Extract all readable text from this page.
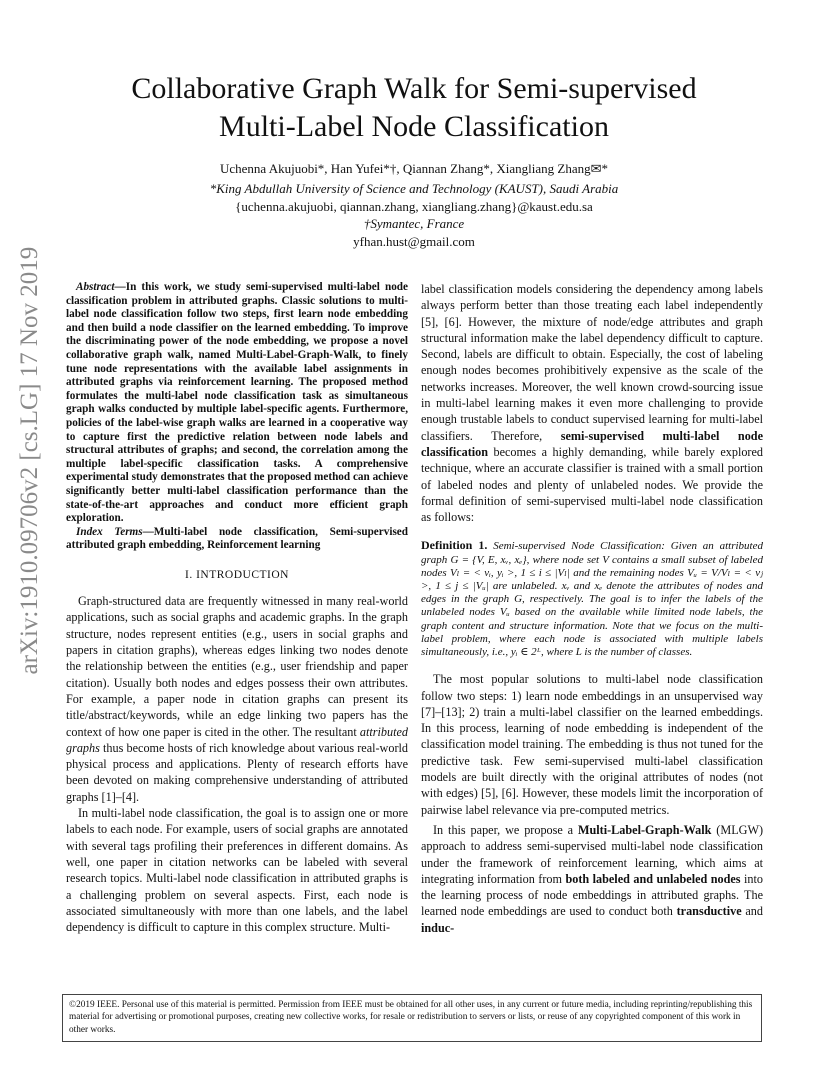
Collaborative Graph Walk for Semi-supervised
Multi-Label Node Classification
Uchenna Akujuobi*, Han Yufei*†, Qiannan Zhang*, Xiangliang Zhang✉*
*King Abdullah University of Science and Technology (KAUST), Saudi Arabia
{uchenna.akujuobi, qiannan.zhang, xiangliang.zhang}@kaust.edu.sa
†Symantec, France
yfhan.hust@gmail.com
arXiv:1910.09706v2 [cs.LG] 17 Nov 2019	Abstract—In this work, we study semi-supervised multi-label node classification problem in attributed graphs. Classic solutions to multi-label node classification follow two steps, first learn node embedding and then build a node classifier on the learned embedding. To improve the discriminating power of the node embedding, we propose a novel collaborative graph walk, named Multi-Label-Graph-Walk, to finely tune node representations with the available label assignments in attributed graphs via reinforcement learning. The proposed method formulates the multi-label node classification task as simultaneous graph walks conducted by multiple label-specific agents. Furthermore, policies of the label-wise graph walks are learned in a cooperative way to capture first the predictive relation between node labels and structural attributes of graphs; and second, the correlation among the multiple label-specific classification tasks. A comprehensive experimental study demonstrates that the proposed method can achieve significantly better multi-label classification performance than the state-of-the-art approaches and conduct more efficient graph exploration.

Index Terms—Multi-label node classification, Semi-supervised attributed graph embedding, Reinforcement learning

I. INTRODUCTION

Graph-structured data are frequently witnessed in many real-world applications, such as social graphs and academic graphs. In the graph structure, nodes represent entities (e.g., users in social graphs and papers in citation graphs), whereas edges linking two nodes denote the relationship between the entities (e.g., user friendship and paper citation). Usually both nodes and edges possess their own attributes. For example, a paper node in citation graphs can present its title/abstract/keywords, while an edge linking two papers has the context of how one paper is cited in the other. The resultant attributed graphs thus become hosts of rich knowledge about various real-world physical process and applications. Plenty of research efforts have been devoted on making comprehensive understanding of attributed graphs [1]–[4].

In multi-label node classification, the goal is to assign one or more labels to each node. For example, users of social graphs are annotated with several tags profiling their preferences in different domains. As well, one paper in citation networks can be labeled with several research topics. Multi-label node classification in attributed graphs is a challenging problem on several aspects. First, each node is associated simultaneously with more than one labels, and the label dependency is difficult to capture in this complex structure. Multi-

label classification models considering the dependency among labels always perform better than those treating each label independently [5], [6]. However, the mixture of node/edge attributes and graph structural information make the label dependency difficult to capture. Second, labels are difficult to obtain. Especially, the cost of labeling enough nodes becomes prohibitively expensive as the scale of the networks increases. Moreover, the well known crowd-sourcing issue in multi-label learning makes it even more challenging to provide enough trustable labels to conduct supervised learning for multi-label classifiers. Therefore, semi-supervised multi-label node classification becomes a highly demanding, while barely explored technique, where an accurate classifier is trained with a small portion of labeled nodes and plenty of unlabeled nodes. We provide the formal definition of semi-supervised multi-label node classification as follows:

Definition 1. Semi-supervised Node Classification: Given an attributed graph G = {V, E, xᵥ, xₑ}, where node set V contains a small subset of labeled nodes Vₗ = < vᵢ, yᵢ >, 1 ≤ i ≤ |Vₗ| and the remaining nodes Vᵤ = V/Vₗ = < vⱼ >, 1 ≤ j ≤ |Vᵤ| are unlabeled. xᵥ and xₑ denote the attributes of nodes and edges in the graph G, respectively. The goal is to infer the labels of the unlabeled nodes Vᵤ based on the available while limited node labels, the graph content and structure information. Note that we focus on the multi-label problem, where each node is associated with multiple labels simultaneously, i.e., yᵢ ∈ 2ᴸ, where L is the number of classes.

The most popular solutions to multi-label node classification follow two steps: 1) learn node embeddings in an unsupervised way [7]–[13]; 2) train a multi-label classifier on the learned embeddings. In this process, learning of node embedding is independent of the classification model training. The embedding is thus not tuned for the predictive task. Few semi-supervised multi-label classification models are built directly with the original attributes of nodes (not with edges) [5], [6]. However, these models limit the incorporation of pairwise label relevance via pre-computed metrics.

In this paper, we propose a Multi-Label-Graph-Walk (MLGW) approach to address semi-supervised multi-label node classification under the framework of reinforcement learning, which aims at integrating information from both labeled and unlabeled nodes into the learning process of node embeddings in attributed graphs. The learned node embeddings are used to conduct both transductive and induc-

©2019 IEEE. Personal use of this material is permitted. Permission from IEEE must be obtained for all other uses, in any current or future media, including reprinting/republishing this material for advertising or promotional purposes, creating new collective works, for resale or redistribution to servers or lists, or reuse of any copyrighted component of this work in other works.
